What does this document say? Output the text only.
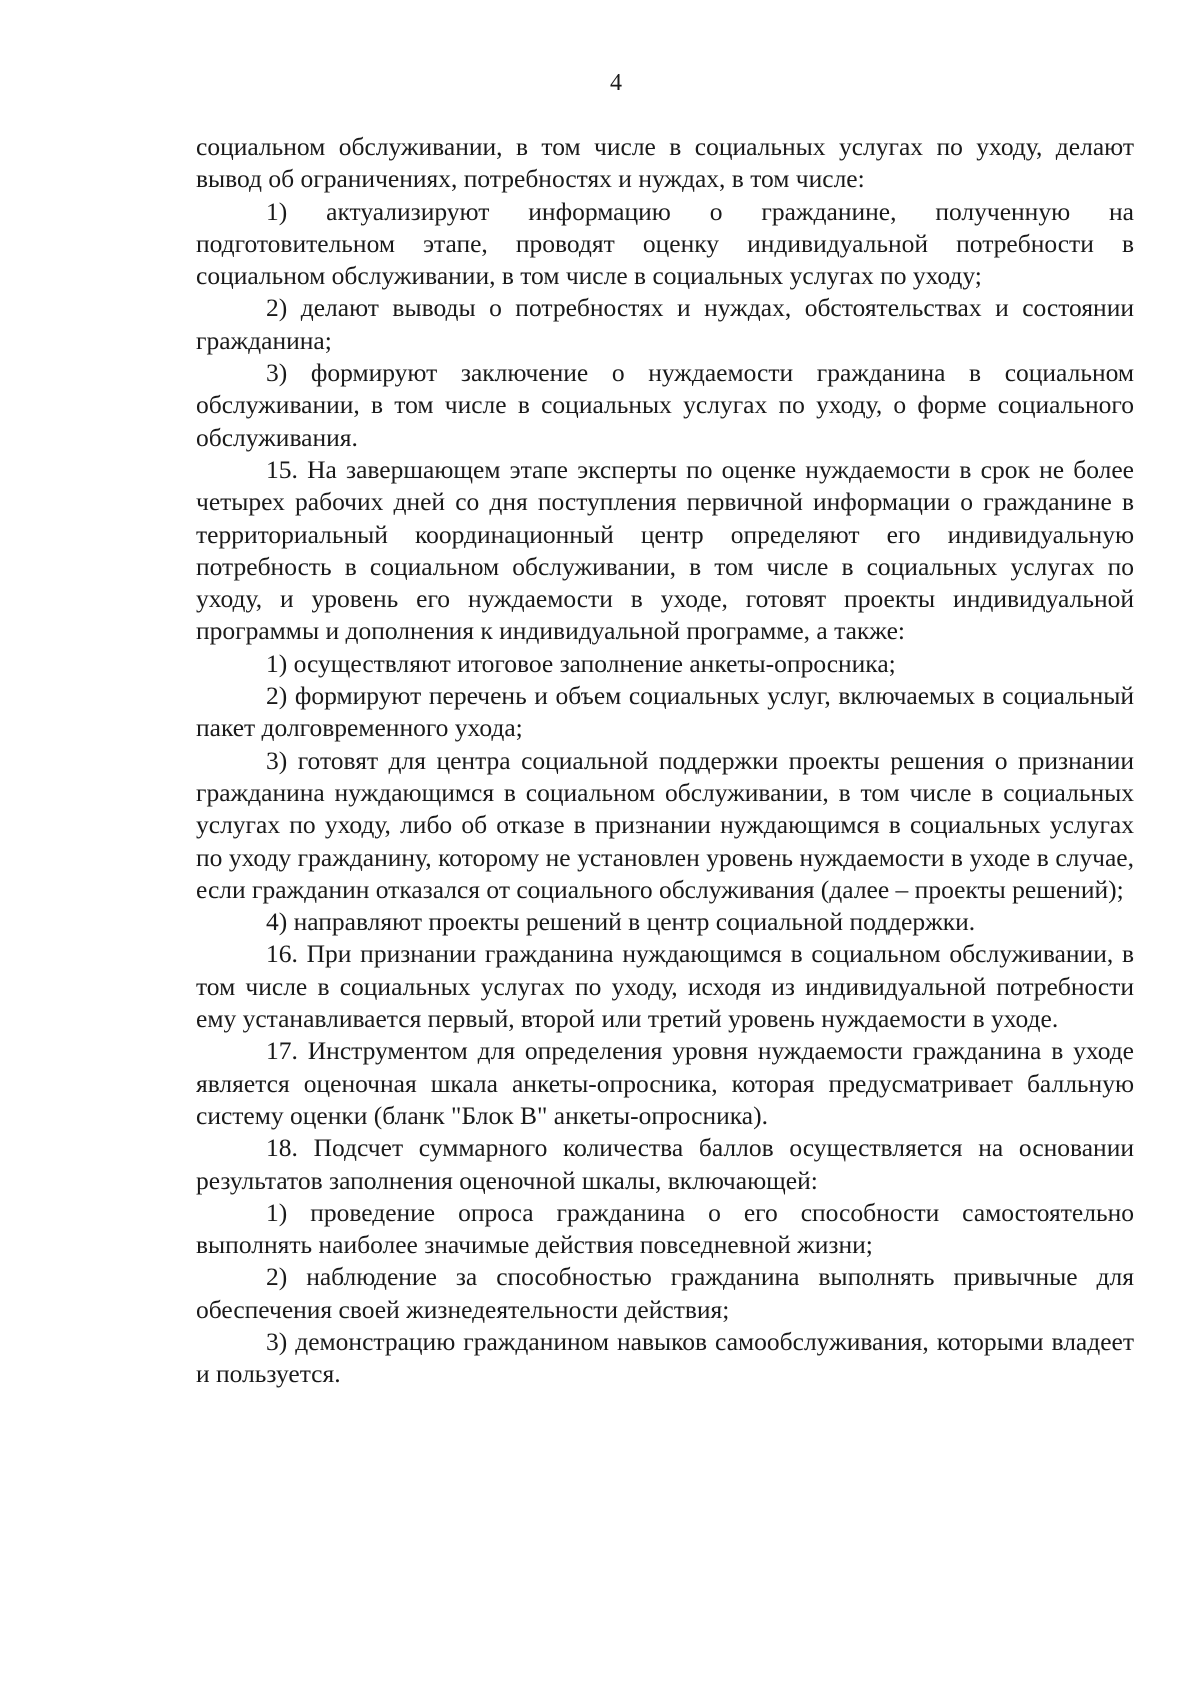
4

социальном обслуживании, в том числе в социальных услугах по уходу, делают вывод об ограничениях, потребностях и нуждах, в том числе:

1) актуализируют информацию о гражданине, полученную на подготовительном этапе, проводят оценку индивидуальной потребности в социальном обслуживании, в том числе в социальных услугах по уходу;

2) делают выводы о потребностях и нуждах, обстоятельствах и состоянии гражданина;

3) формируют заключение о нуждаемости гражданина в социальном обслуживании, в том числе в социальных услугах по уходу, о форме социального обслуживания.

15. На завершающем этапе эксперты по оценке нуждаемости в срок не более четырех рабочих дней со дня поступления первичной информации о гражданине в территориальный координационный центр определяют его индивидуальную потребность в социальном обслуживании, в том числе в социальных услугах по уходу, и уровень его нуждаемости в уходе, готовят проекты индивидуальной программы и дополнения к индивидуальной программе, а также:

1) осуществляют итоговое заполнение анкеты-опросника;

2) формируют перечень и объем социальных услуг, включаемых в социальный пакет долговременного ухода;

3) готовят для центра социальной поддержки проекты решения о признании гражданина нуждающимся в социальном обслуживании, в том числе в социальных услугах по уходу, либо об отказе в признании нуждающимся в социальных услугах по уходу гражданину, которому не установлен уровень нуждаемости в уходе в случае, если гражданин отказался от социального обслуживания (далее – проекты решений);

4) направляют проекты решений в центр социальной поддержки.

16. При признании гражданина нуждающимся в социальном обслуживании, в том числе в социальных услугах по уходу, исходя из индивидуальной потребности ему устанавливается первый, второй или третий уровень нуждаемости в уходе.

17. Инструментом для определения уровня нуждаемости гражданина в уходе является оценочная шкала анкеты-опросника, которая предусматривает балльную систему оценки (бланк "Блок В" анкеты-опросника).

18. Подсчет суммарного количества баллов осуществляется на основании результатов заполнения оценочной шкалы, включающей:

1) проведение опроса гражданина о его способности самостоятельно выполнять наиболее значимые действия повседневной жизни;

2) наблюдение за способностью гражданина выполнять привычные для обеспечения своей жизнедеятельности действия;

3) демонстрацию гражданином навыков самообслуживания, которыми владеет и пользуется.
